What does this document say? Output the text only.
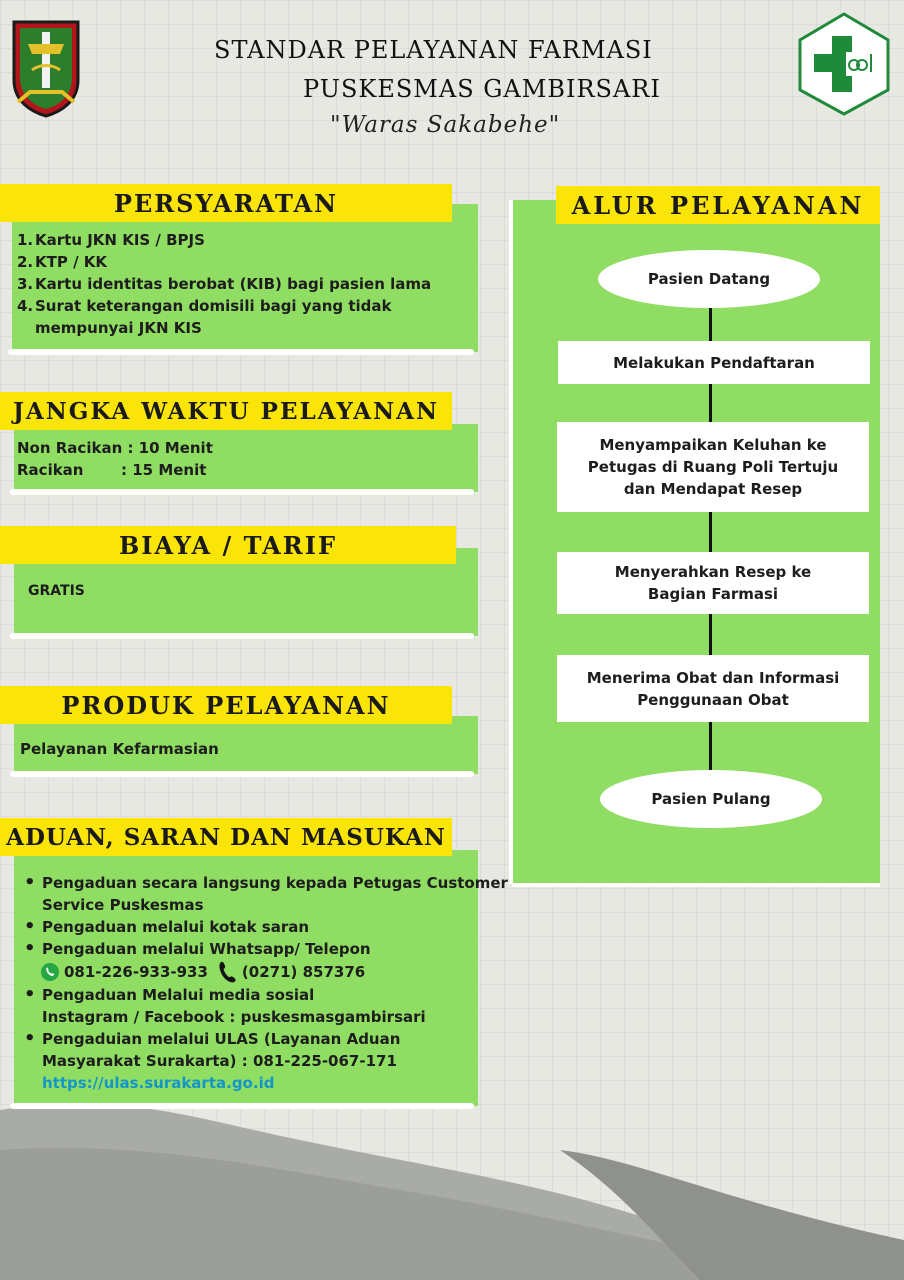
STANDAR PELAYANAN FARMASI
PUSKESMAS GAMBIRSARI
"Waras Sakabehe"
PERSYARATAN
1. Kartu JKN KIS / BPJS
2. KTP / KK
3. Kartu identitas berobat (KIB) bagi pasien lama
4. Surat keterangan domisili bagi yang tidak
mempunyai JKN KIS
JANGKA WAKTU PELAYANAN
Non Racikan : 10 Menit
Racikan	: 15 Menit
BIAYA / TARIF
GRATIS
PRODUK PELAYANAN
Pelayanan Kefarmasian
ADUAN, SARAN DAN MASUKAN
• Pengaduan secara langsung kepada Petugas Customer
Service Puskesmas
• Pengaduan melalui kotak saran
• Pengaduan melalui Whatsapp/ Telepon
081-226-933-933 (0271) 857376
• Pengaduan Melalui media sosial
Instagram / Facebook : puskesmasgambirsari
• Pengaduian melalui ULAS (Layanan Aduan
Masyarakat Surakarta) : 081-225-067-171
https://ulas.surakarta.go.id
ALUR PELAYANAN
Pasien Datang
Melakukan Pendaftaran
Menyampaikan Keluhan ke Petugas di Ruang Poli Tertuju dan Mendapat Resep
Menyerahkan Resep ke Bagian Farmasi
Menerima Obat dan Informasi Penggunaan Obat
Pasien Pulang
